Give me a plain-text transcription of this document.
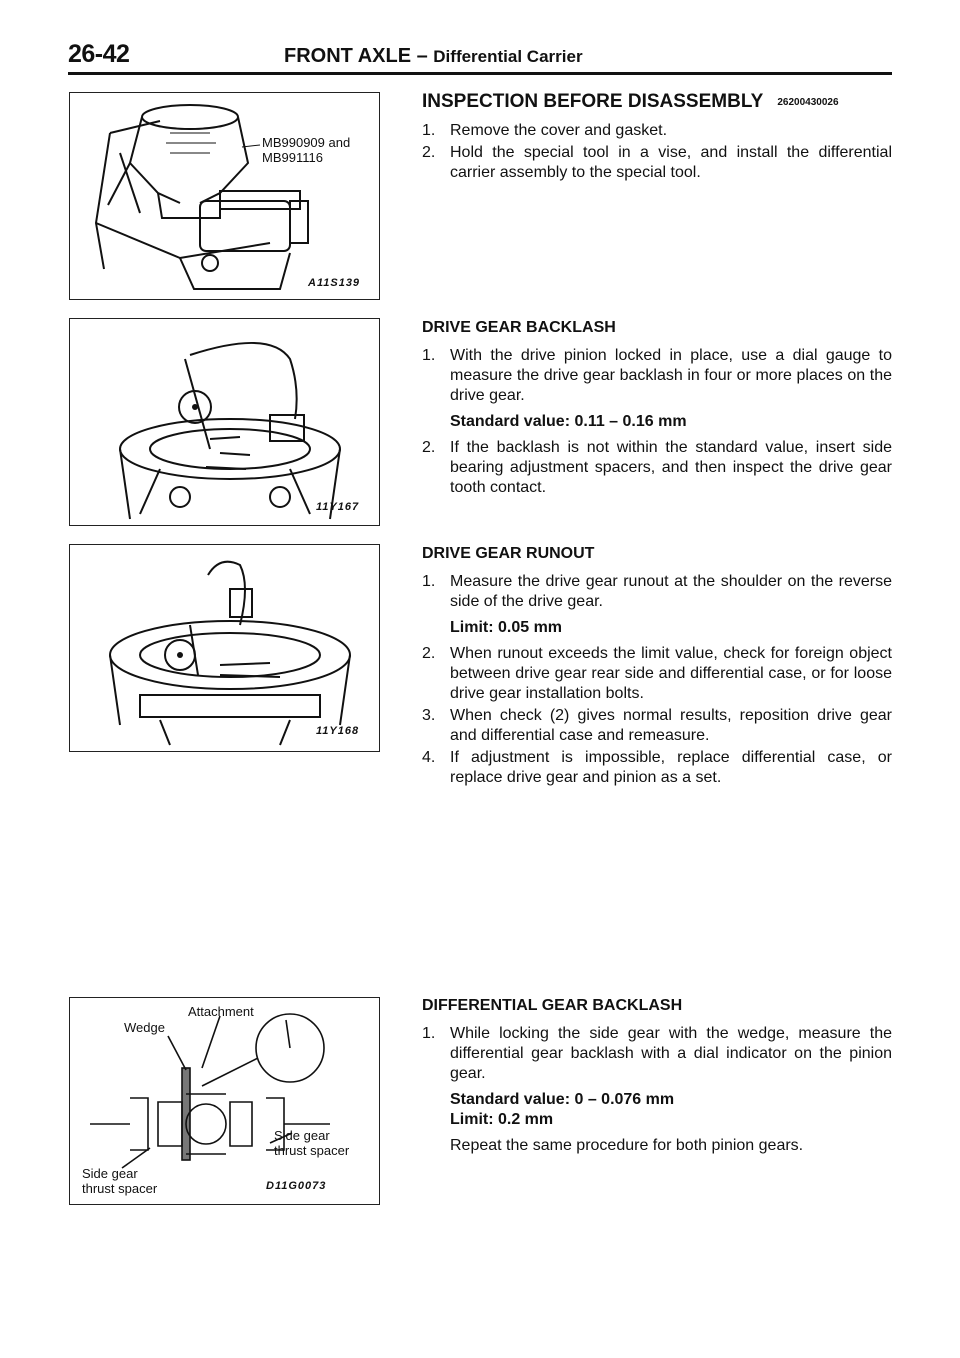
26-42	FRONT AXLE – Differential Carrier
MB990909 and
MB991116
A11S139
11Y167
11Y168
Attachment
Wedge
Side gear
thrust spacer
Side gear
thrust spacer	D11G0073
INSPECTION BEFORE DISASSEMBLY 26200430026
1. Remove the cover and gasket.
2. Hold the special tool in a vise, and install the differential carrier assembly to the special tool.
DRIVE GEAR BACKLASH
1. With the drive pinion locked in place, use a dial gauge to measure the drive gear backlash in four or more places on the drive gear.
Standard value: 0.11 – 0.16 mm
2. If the backlash is not within the standard value, insert side bearing adjustment spacers, and then inspect the drive gear tooth contact.
DRIVE GEAR RUNOUT
1. Measure the drive gear runout at the shoulder on the reverse side of the drive gear.
Limit: 0.05 mm
2. When runout exceeds the limit value, check for foreign object between drive gear rear side and differential case, or for loose drive gear installation bolts.
3. When check (2) gives normal results, reposition drive gear and differential case and remeasure.
4. If adjustment is impossible, replace differential case, or replace drive gear and pinion as a set.
DIFFERENTIAL GEAR BACKLASH
1. While locking the side gear with the wedge, measure the differential gear backlash with a dial indicator on the pinion gear.
Standard value: 0 – 0.076 mm
Limit: 0.2 mm
Repeat the same procedure for both pinion gears.
